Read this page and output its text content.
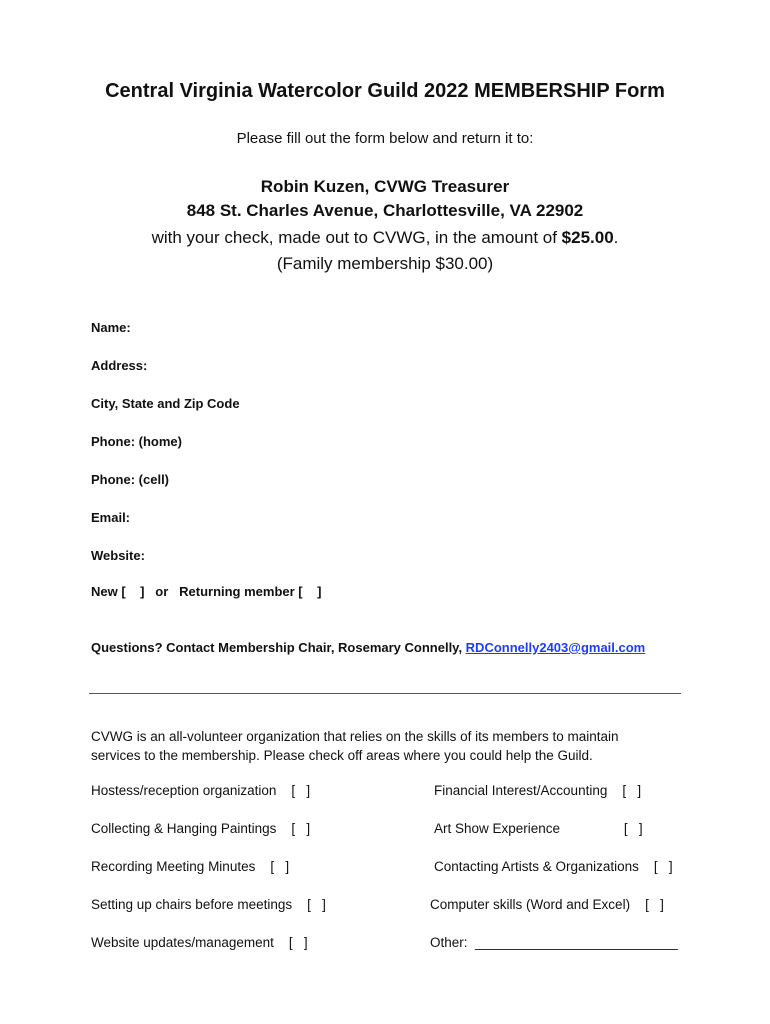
Central Virginia Watercolor Guild 2022 MEMBERSHIP Form
Please fill out the form below and return it to:
Robin Kuzen, CVWG Treasurer
848 St. Charles Avenue, Charlottesville, VA 22902
with your check, made out to CVWG, in the amount of $25.00.
(Family membership $30.00)
Name:
Address:
City, State and Zip Code
Phone: (home)
Phone: (cell)
Email:
Website:
New [    ]   or   Returning member [    ]
Questions? Contact Membership Chair, Rosemary Connelly, RDConnelly2403@gmail.com
CVWG is an all-volunteer organization that relies on the skills of its members to maintain
services to the membership. Please check off areas where you could help the Guild.
Hostess/reception organization    [   ]
Collecting & Hanging Paintings    [   ]
Recording Meeting Minutes    [   ]
Setting up chairs before meetings    [   ]
Website updates/management    [   ]
Financial Interest/Accounting    [   ]
Art Show Experience                 [   ]
Contacting Artists & Organizations    [   ]
Computer skills (Word and Excel)    [   ]
Other:  ___________________________
